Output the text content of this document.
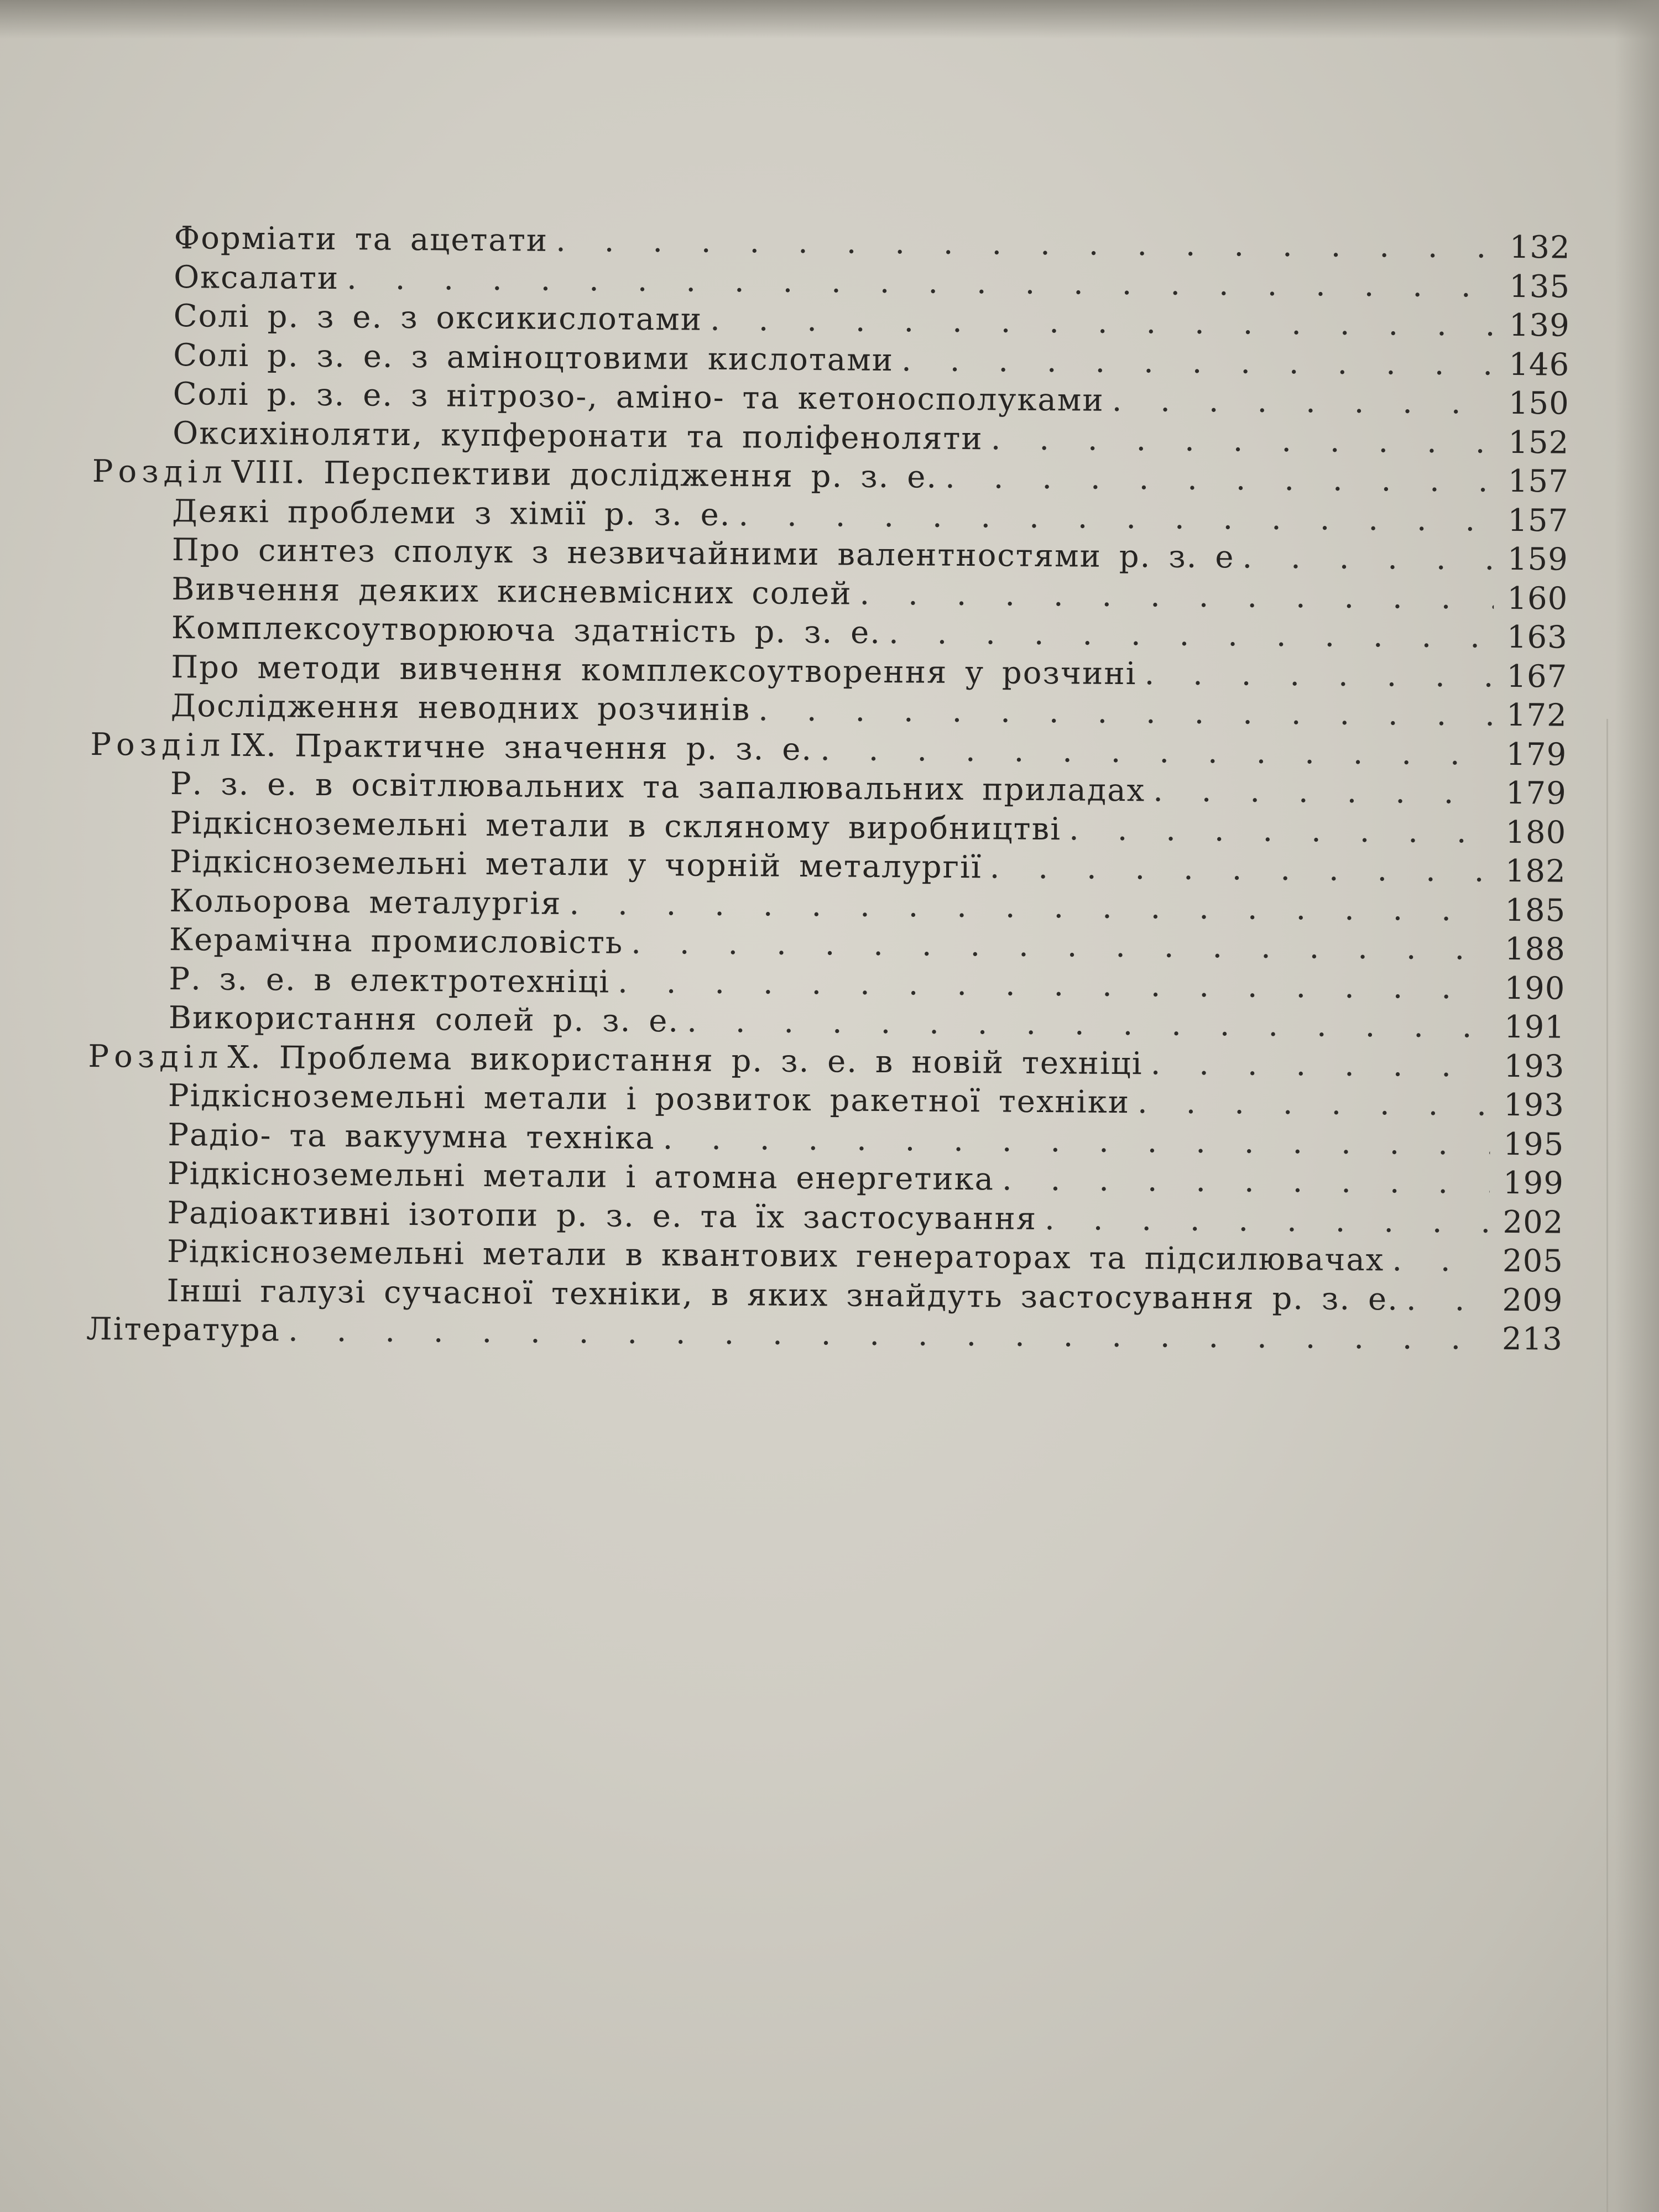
Форміати та ацетати . . .	132
Оксалати . . .	135
Солі р. з е. з оксикислотами . . .	139
Солі р. з. е. з аміноцтовими кислотами . . .	146
Солі р. з. е. з нітрозо-, аміно- та кетоносполуками . . .	150
Оксихіноляти, купферонати та поліфеноляти . . .	152
Розділ VIII. Перспективи дослідження р. з. е. . . .	157
Деякі проблеми з хімії р. з. е. . . .	157
Про синтез сполук з незвичайними валентностями р. з. е . . .	159
Вивчення деяких кисневмісних солей . . .	160
Комплексоутворююча здатність р. з. е. . . .	163
Про методи вивчення комплексоутворення у розчині . . .	167
Дослідження неводних розчинів . . .	172
Розділ IX. Практичне значення р. з. е. . . .	179
Р. з. е. в освітлювальних та запалювальних приладах . . .	179
Рідкісноземельні метали в скляному виробництві . . .	180
Рідкісноземельні метали у чорній металургії . . .	182
Кольорова металургія . . .	185
Керамічна промисловість . . .	188
Р. з. е. в електротехніці . . .	190
Використання солей р. з. е. . . .	191
Розділ X. Проблема використання р. з. е. в новій техніці . . .	193
Рідкісноземельні метали і розвиток ракетної техніки . . .	193
Радіо- та вакуумна техніка . . .	195
Рідкісноземельні метали і атомна енергетика . . .	199
Радіоактивні ізотопи р. з. е. та їх застосування . . .	202
Рідкісноземельні метали в квантових генераторах та підсилювачах . . .	205
Інші галузі сучасної техніки, в яких знайдуть застосування р. з. е. . . .	209
Література . . .	213
